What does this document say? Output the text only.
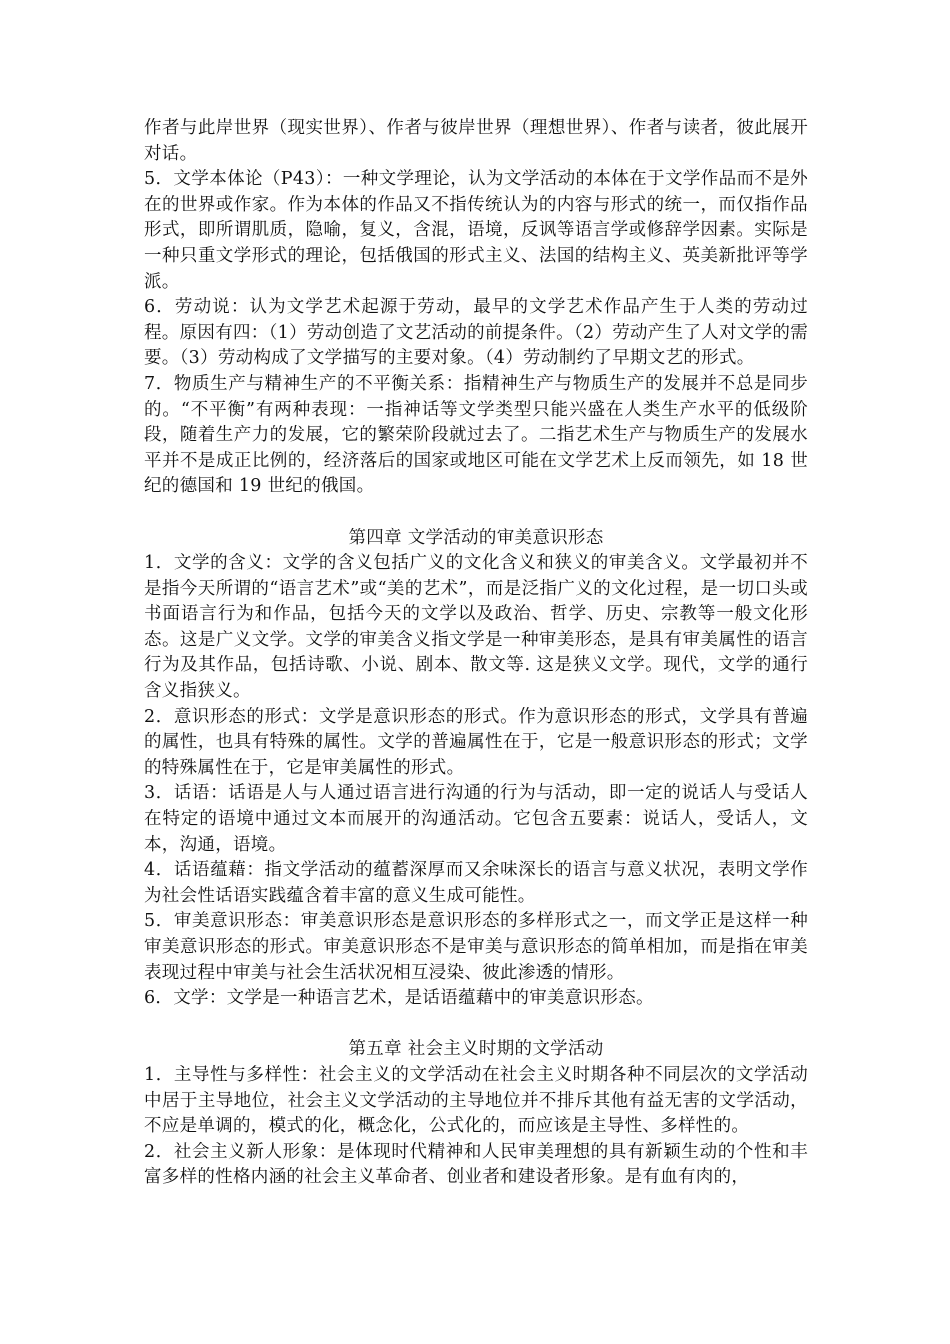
作者与此岸世界（现实世界）、作者与彼岸世界（理想世界）、作者与读者，彼此展开对话。

5．文学本体论（P43）：一种文学理论，认为文学活动的本体在于文学作品而不是外在的世界或作家。作为本体的作品又不指传统认为的内容与形式的统一，而仅指作品形式，即所谓肌质，隐喻，复义，含混，语境，反讽等语言学或修辞学因素。实际是一种只重文学形式的理论，包括俄国的形式主义、法国的结构主义、英美新批评等学派。

6．劳动说：认为文学艺术起源于劳动，最早的文学艺术作品产生于人类的劳动过程。原因有四：（1）劳动创造了文艺活动的前提条件。（2）劳动产生了人对文学的需要。（3）劳动构成了文学描写的主要对象。（4）劳动制约了早期文艺的形式。

7．物质生产与精神生产的不平衡关系：指精神生产与物质生产的发展并不总是同步的。“不平衡”有两种表现：一指神话等文学类型只能兴盛在人类生产水平的低级阶段，随着生产力的发展，它的繁荣阶段就过去了。二指艺术生产与物质生产的发展水平并不是成正比例的，经济落后的国家或地区可能在文学艺术上反而领先，如 18 世纪的德国和 19 世纪的俄国。

第四章 文学活动的审美意识形态

1．文学的含义：文学的含义包括广义的文化含义和狭义的审美含义。文学最初并不是指今天所谓的“语言艺术”或“美的艺术”，而是泛指广义的文化过程，是一切口头或书面语言行为和作品，包括今天的文学以及政治、哲学、历史、宗教等一般文化形态。这是广义文学。文学的审美含义指文学是一种审美形态，是具有审美属性的语言行为及其作品，包括诗歌、小说、剧本、散文等. 这是狭义文学。现代，文学的通行含义指狭义。

2．意识形态的形式：文学是意识形态的形式。作为意识形态的形式，文学具有普遍的属性，也具有特殊的属性。文学的普遍属性在于，它是一般意识形态的形式；文学的特殊属性在于，它是审美属性的形式。

3．话语：话语是人与人通过语言进行沟通的行为与活动，即一定的说话人与受话人在特定的语境中通过文本而展开的沟通活动。它包含五要素：说话人，受话人，文本，沟通，语境。

4．话语蕴藉：指文学活动的蕴蓄深厚而又余味深长的语言与意义状况，表明文学作为社会性话语实践蕴含着丰富的意义生成可能性。

5．审美意识形态：审美意识形态是意识形态的多样形式之一，而文学正是这样一种审美意识形态的形式。审美意识形态不是审美与意识形态的简单相加，而是指在审美表现过程中审美与社会生活状况相互浸染、彼此渗透的情形。

6．文学：文学是一种语言艺术，是话语蕴藉中的审美意识形态。

第五章 社会主义时期的文学活动

1．主导性与多样性：社会主义的文学活动在社会主义时期各种不同层次的文学活动中居于主导地位，社会主义文学活动的主导地位并不排斥其他有益无害的文学活动，不应是单调的，模式的化，概念化，公式化的，而应该是主导性、多样性的。

2．社会主义新人形象：是体现时代精神和人民审美理想的具有新颖生动的个性和丰富多样的性格内涵的社会主义革命者、创业者和建设者形象。是有血有肉的，
